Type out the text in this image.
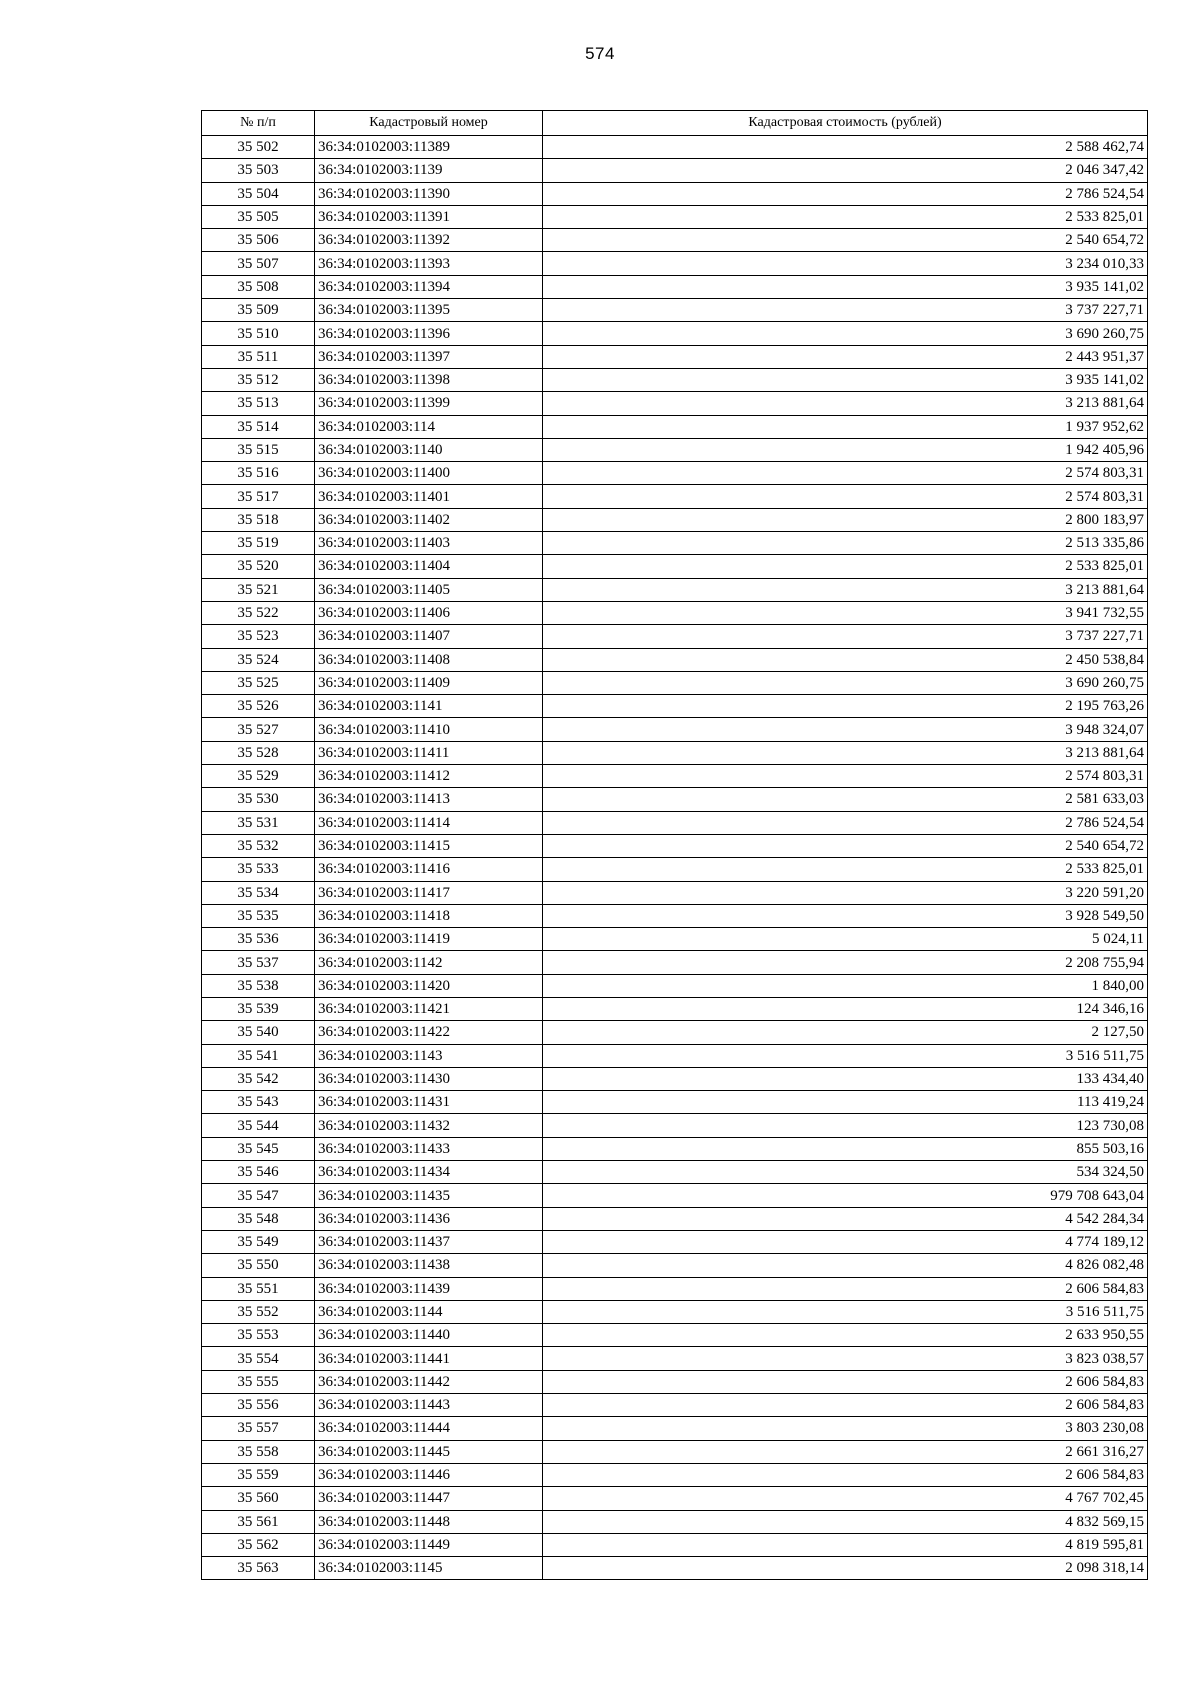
574
№ п/п	Кадастровый номер	Кадастровая стоимость (рублей)
35 502	36:34:0102003:11389	2 588 462,74
35 503	36:34:0102003:1139	2 046 347,42
35 504	36:34:0102003:11390	2 786 524,54
35 505	36:34:0102003:11391	2 533 825,01
35 506	36:34:0102003:11392	2 540 654,72
35 507	36:34:0102003:11393	3 234 010,33
35 508	36:34:0102003:11394	3 935 141,02
35 509	36:34:0102003:11395	3 737 227,71
35 510	36:34:0102003:11396	3 690 260,75
35 511	36:34:0102003:11397	2 443 951,37
35 512	36:34:0102003:11398	3 935 141,02
35 513	36:34:0102003:11399	3 213 881,64
35 514	36:34:0102003:114	1 937 952,62
35 515	36:34:0102003:1140	1 942 405,96
35 516	36:34:0102003:11400	2 574 803,31
35 517	36:34:0102003:11401	2 574 803,31
35 518	36:34:0102003:11402	2 800 183,97
35 519	36:34:0102003:11403	2 513 335,86
35 520	36:34:0102003:11404	2 533 825,01
35 521	36:34:0102003:11405	3 213 881,64
35 522	36:34:0102003:11406	3 941 732,55
35 523	36:34:0102003:11407	3 737 227,71
35 524	36:34:0102003:11408	2 450 538,84
35 525	36:34:0102003:11409	3 690 260,75
35 526	36:34:0102003:1141	2 195 763,26
35 527	36:34:0102003:11410	3 948 324,07
35 528	36:34:0102003:11411	3 213 881,64
35 529	36:34:0102003:11412	2 574 803,31
35 530	36:34:0102003:11413	2 581 633,03
35 531	36:34:0102003:11414	2 786 524,54
35 532	36:34:0102003:11415	2 540 654,72
35 533	36:34:0102003:11416	2 533 825,01
35 534	36:34:0102003:11417	3 220 591,20
35 535	36:34:0102003:11418	3 928 549,50
35 536	36:34:0102003:11419	5 024,11
35 537	36:34:0102003:1142	2 208 755,94
35 538	36:34:0102003:11420	1 840,00
35 539	36:34:0102003:11421	124 346,16
35 540	36:34:0102003:11422	2 127,50
35 541	36:34:0102003:1143	3 516 511,75
35 542	36:34:0102003:11430	133 434,40
35 543	36:34:0102003:11431	113 419,24
35 544	36:34:0102003:11432	123 730,08
35 545	36:34:0102003:11433	855 503,16
35 546	36:34:0102003:11434	534 324,50
35 547	36:34:0102003:11435	979 708 643,04
35 548	36:34:0102003:11436	4 542 284,34
35 549	36:34:0102003:11437	4 774 189,12
35 550	36:34:0102003:11438	4 826 082,48
35 551	36:34:0102003:11439	2 606 584,83
35 552	36:34:0102003:1144	3 516 511,75
35 553	36:34:0102003:11440	2 633 950,55
35 554	36:34:0102003:11441	3 823 038,57
35 555	36:34:0102003:11442	2 606 584,83
35 556	36:34:0102003:11443	2 606 584,83
35 557	36:34:0102003:11444	3 803 230,08
35 558	36:34:0102003:11445	2 661 316,27
35 559	36:34:0102003:11446	2 606 584,83
35 560	36:34:0102003:11447	4 767 702,45
35 561	36:34:0102003:11448	4 832 569,15
35 562	36:34:0102003:11449	4 819 595,81
35 563	36:34:0102003:1145	2 098 318,14
